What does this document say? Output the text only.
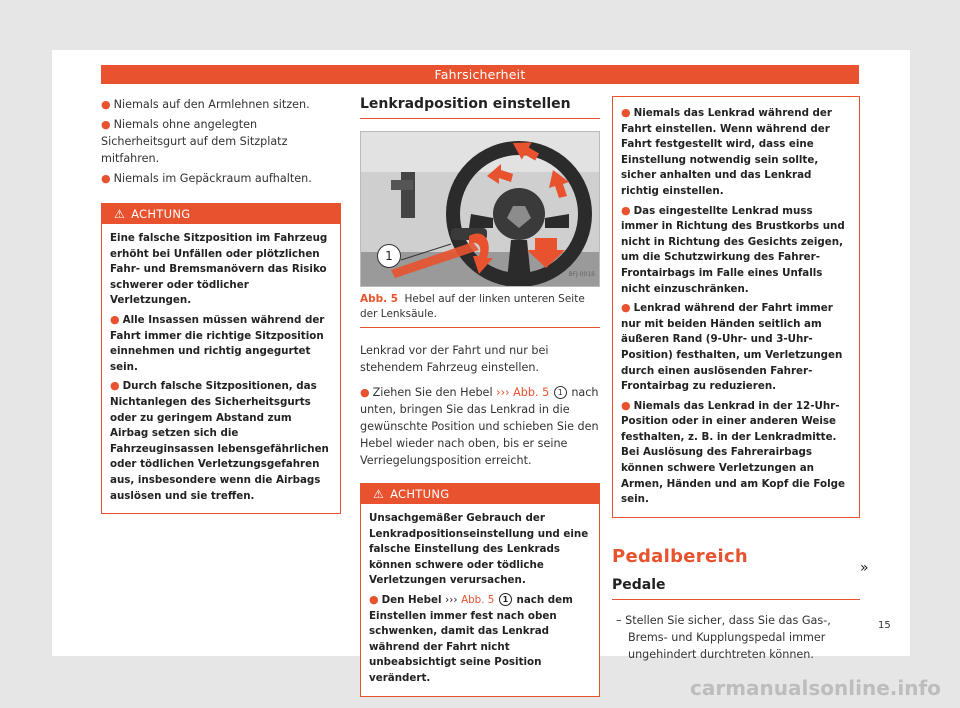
Fahrsicherheit

● Niemals auf den Armlehnen sitzen.

● Niemals ohne angelegten Sicherheitsgurt auf dem Sitzplatz mitfahren.

● Niemals im Gepäckraum aufhalten.

⚠ ACHTUNG

Eine falsche Sitzposition im Fahrzeug erhöht bei Unfällen oder plötzlichen Fahr- und Bremsmanövern das Risiko schwerer oder tödlicher Verletzungen.

● Alle Insassen müssen während der Fahrt immer die richtige Sitzposition einnehmen und richtig angegurtet sein.

● Durch falsche Sitzpositionen, das Nichtanlegen des Sicherheitsgurts oder zu geringem Abstand zum Airbag setzen sich die Fahrzeuginsassen lebensgefährlichen oder tödlichen Verletzungsgefahren aus, insbesondere wenn die Airbags auslösen und sie treffen.

Lenkradposition einstellen
1
BFJ-0016
Abb. 5 Hebel auf der linken unteren Seite der Lenksäule.

Lenkrad vor der Fahrt und nur bei stehendem Fahrzeug einstellen.

● Ziehen Sie den Hebel ››› Abb. 5 1 nach unten, bringen Sie das Lenkrad in die gewünschte Position und schieben Sie den Hebel wieder nach oben, bis er seine Verriegelungsposition erreicht.

⚠ ACHTUNG

Unsachgemäßer Gebrauch der Lenkradpositionseinstellung und eine falsche Einstellung des Lenkrads können schwere oder tödliche Verletzungen verursachen.

● Den Hebel ››› Abb. 5 1 nach dem Einstellen immer fest nach oben schwenken, damit das Lenkrad während der Fahrt nicht unbeabsichtigt seine Position verändert.

● Niemals das Lenkrad während der Fahrt einstellen. Wenn während der Fahrt festgestellt wird, dass eine Einstellung notwendig sein sollte, sicher anhalten und das Lenkrad richtig einstellen.

● Das eingestellte Lenkrad muss immer in Richtung des Brustkorbs und nicht in Richtung des Gesichts zeigen, um die Schutzwirkung des Fahrer-Frontairbags im Falle eines Unfalls nicht einzuschränken.

● Lenkrad während der Fahrt immer nur mit beiden Händen seitlich am äußeren Rand (9-Uhr- und 3-Uhr-Position) festhalten, um Verletzungen durch einen auslösenden Fahrer-Frontairbag zu reduzieren.

● Niemals das Lenkrad in der 12-Uhr-Position oder in einer anderen Weise festhalten, z. B. in der Lenkradmitte. Bei Auslösung des Fahrerairbags können schwere Verletzungen an Armen, Händen und am Kopf die Folge sein.

Pedalbereich
Pedale

– Stellen Sie sicher, dass Sie das Gas-, Brems- und Kupplungspedal immer ungehindert durchtreten können.

»
15
carmanualsonline.info
